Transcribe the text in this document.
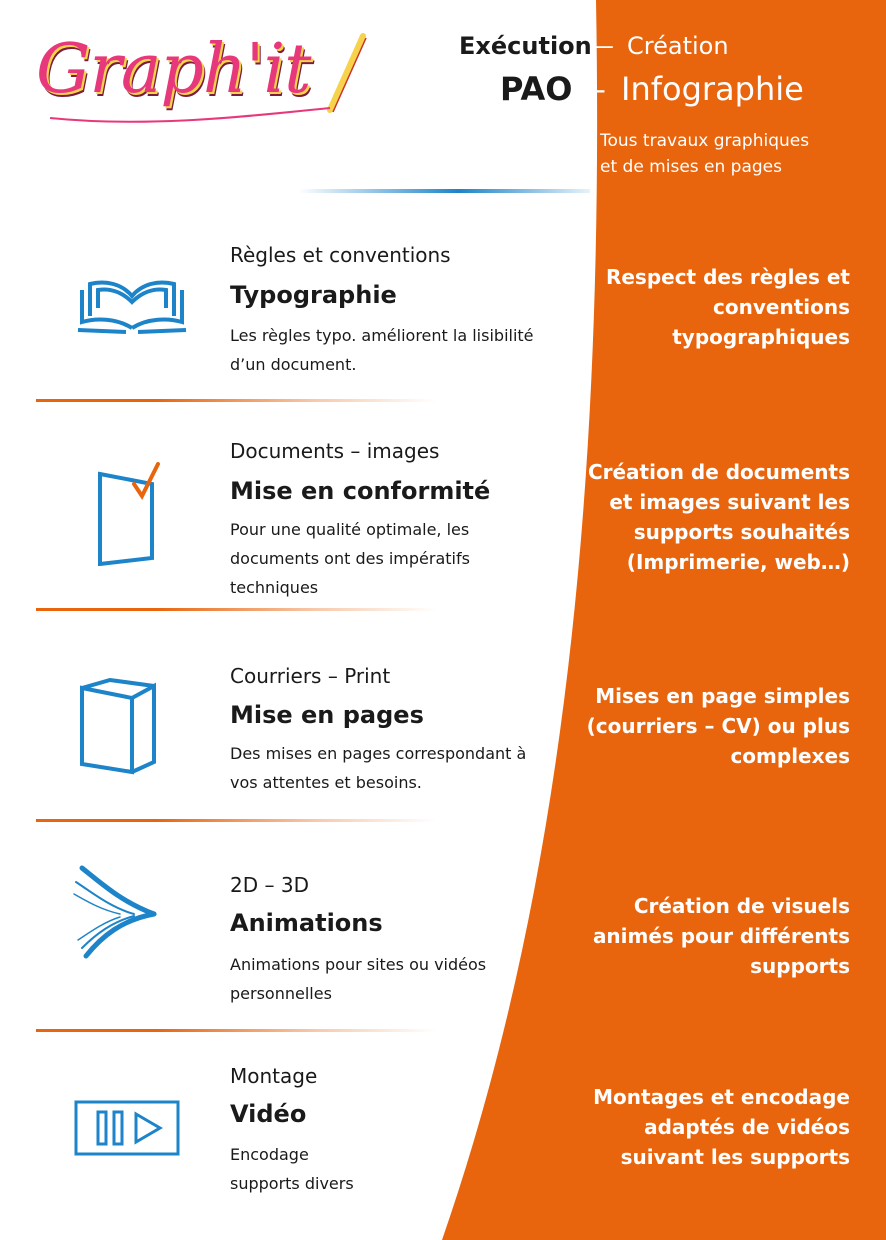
Graph'it	Exécution
— Création
PAO – Infographie
Tous travaux graphiques
et de mises en pages
Règles et conventions
Typographie
Les règles typo. améliorent la lisibilité
d’un document.
Respect des règles et
conventions
typographiques
Documents – images
Mise en conformité
Pour une qualité optimale, les
documents ont des impératifs
techniques
Création de documents
et images suivant les
supports souhaités
(Imprimerie, web…)
Courriers – Print
Mise en pages
Des mises en pages correspondant à
vos attentes et besoins.
Mises en page simples
(courriers – CV) ou plus
complexes
2D – 3D
Animations
Animations pour sites ou vidéos
personnelles
Création de visuels
animés pour différents
supports
Montage
Vidéo
Encodage
supports divers
Montages et encodage
adaptés de vidéos
suivant les supports
